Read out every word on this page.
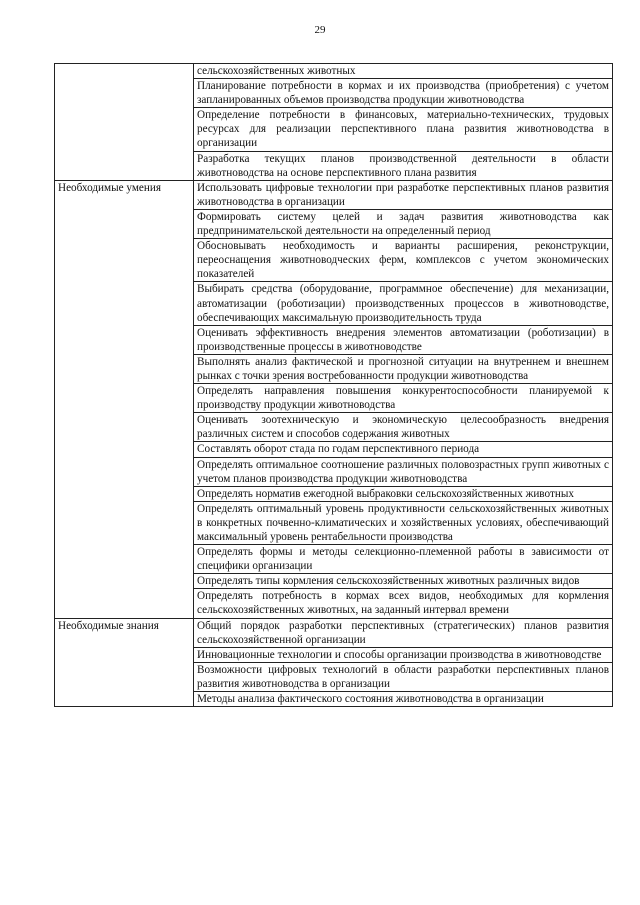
29

	сельскохозяйственных животных

	Планирование потребности в кормах и их производства (приобретения) с учетом запланированных объемов производства продукции животноводства

	Определение потребности в финансовых, материально-технических, трудовых ресурсах для реализации перспективного плана развития животноводства в организации

	Разработка текущих планов производственной деятельности в области животноводства на основе перспективного плана развития

Необходимые умения	Использовать цифровые технологии при разработке перспективных планов развития животноводства в организации

	Формировать систему целей и задач развития животноводства как предпринимательской деятельности на определенный период

	Обосновывать необходимость и варианты расширения, реконструкции, переоснащения животноводческих ферм, комплексов с учетом экономических показателей

	Выбирать средства (оборудование, программное обеспечение) для механизации, автоматизации (роботизации) производственных процессов в животноводстве, обеспечивающих максимальную производительность труда

	Оценивать эффективность внедрения элементов автоматизации (роботизации) в производственные процессы в животноводстве

	Выполнять анализ фактической и прогнозной ситуации на внутреннем и внешнем рынках с точки зрения востребованности продукции животноводства

	Определять направления повышения конкурентоспособности планируемой к производству продукции животноводства

	Оценивать зоотехническую и экономическую целесообразность внедрения различных систем и способов содержания животных

	Составлять оборот стада по годам перспективного периода

	Определять оптимальное соотношение различных половозрастных групп животных с учетом планов производства продукции животноводства

	Определять норматив ежегодной выбраковки сельскохозяйственных животных

	Определять оптимальный уровень продуктивности сельскохозяйственных животных в конкретных почвенно-климатических и хозяйственных условиях, обеспечивающий максимальный уровень рентабельности производства

	Определять формы и методы селекционно-племенной работы в зависимости от специфики организации

	Определять типы кормления сельскохозяйственных животных различных видов

	Определять потребность в кормах всех видов, необходимых для кормления сельскохозяйственных животных, на заданный интервал времени

Необходимые знания	Общий порядок разработки перспективных (стратегических) планов развития сельскохозяйственной организации

	Инновационные технологии и способы организации производства в животноводстве

	Возможности цифровых технологий в области разработки перспективных планов развития животноводства в организации

	Методы анализа фактического состояния животноводства в организации
